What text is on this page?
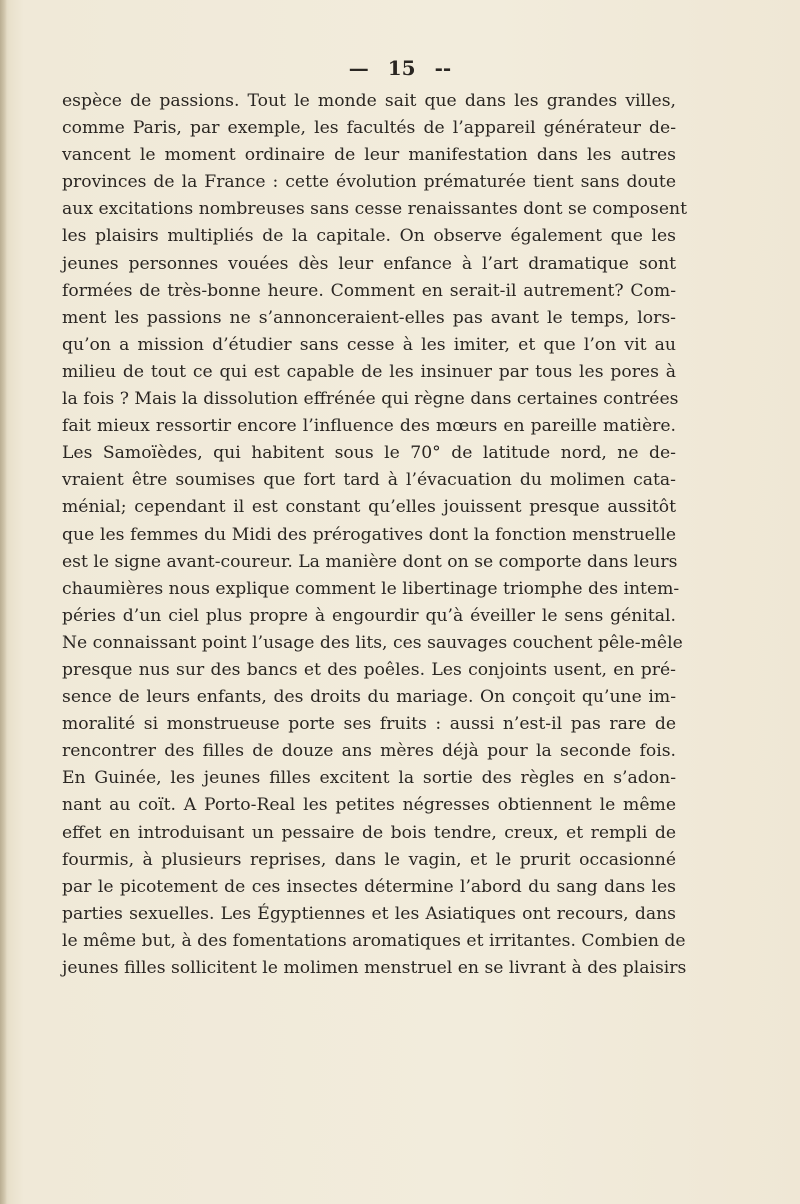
— 15 --
espèce de passions. Tout le monde sait que dans les grandes villes,
comme Paris, par exemple, les facultés de l’appareil générateur de-
vancent le moment ordinaire de leur manifestation dans les autres
provinces de la France : cette évolution prématurée tient sans doute
aux excitations nombreuses sans cesse renaissantes dont se composent
les plaisirs multipliés de la capitale. On observe également que les
jeunes personnes vouées dès leur enfance à l’art dramatique sont
formées de très-bonne heure. Comment en serait-il autrement? Com-
ment les passions ne s’annonceraient-elles pas avant le temps, lors-
qu’on a mission d’étudier sans cesse à les imiter, et que l’on vit au
milieu de tout ce qui est capable de les insinuer par tous les pores à
la fois ? Mais la dissolution effrénée qui règne dans certaines contrées
fait mieux ressortir encore l’influence des mœurs en pareille matière.
Les Samoïèdes, qui habitent sous le 70° de latitude nord, ne de-
vraient être soumises que fort tard à l’évacuation du molimen cata-
ménial; cependant il est constant qu’elles jouissent presque aussitôt
que les femmes du Midi des prérogatives dont la fonction menstruelle
est le signe avant-coureur. La manière dont on se comporte dans leurs
chaumières nous explique comment le libertinage triomphe des intem-
péries d’un ciel plus propre à engourdir qu’à éveiller le sens génital.
Ne connaissant point l’usage des lits, ces sauvages couchent pêle-mêle
presque nus sur des bancs et des poêles. Les conjoints usent, en pré-
sence de leurs enfants, des droits du mariage. On conçoit qu’une im-
moralité si monstrueuse porte ses fruits : aussi n’est-il pas rare de
rencontrer des filles de douze ans mères déjà pour la seconde fois.
En Guinée, les jeunes filles excitent la sortie des règles en s’adon-
nant au coït. A Porto-Real les petites négresses obtiennent le même
effet en introduisant un pessaire de bois tendre, creux, et rempli de
fourmis, à plusieurs reprises, dans le vagin, et le prurit occasionné
par le picotement de ces insectes détermine l’abord du sang dans les
parties sexuelles. Les Égyptiennes et les Asiatiques ont recours, dans
le même but, à des fomentations aromatiques et irritantes. Combien de
jeunes filles sollicitent le molimen menstruel en se livrant à des plaisirs
